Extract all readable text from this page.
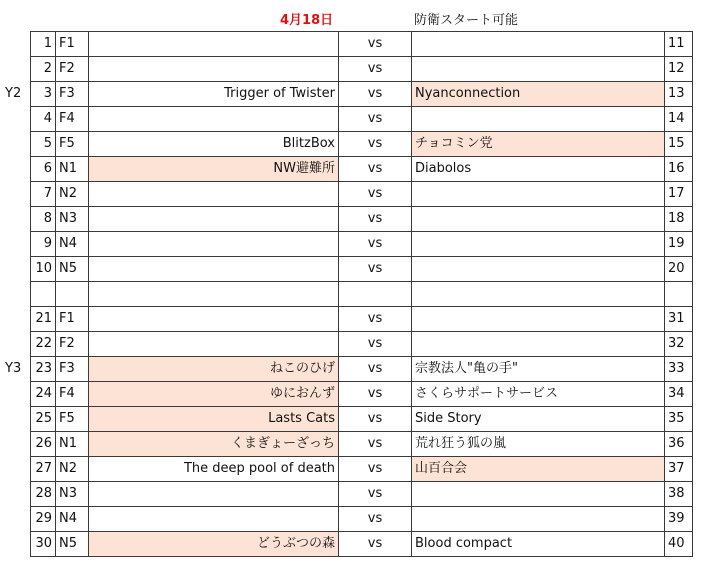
4月18日	防衛スタート可能
Y2
Y3
1	F1		vs		11
2	F2		vs		12
3	F3	Trigger of Twister	vs	Nyanconnection	13
4	F4		vs		14
5	F5	BlitzBox	vs	チョコミン党	15
6	N1	NW避難所	vs	Diabolos	16
7	N2		vs		17
8	N3		vs		18
9	N4		vs		19
10	N5		vs		20

21	F1		vs		31
22	F2		vs		32
23	F3	ねこのひげ	vs	宗教法人"亀の手"	33
24	F4	ゆにおんず	vs	さくらサポートサービス	34
25	F5	Lasts Cats	vs	Side Story	35
26	N1	くまぎょーざっち	vs	荒れ狂う狐の嵐	36
27	N2	The deep pool of death	vs	山百合会	37
28	N3		vs		38
29	N4		vs		39
30	N5	どうぶつの森	vs	Blood compact	40
